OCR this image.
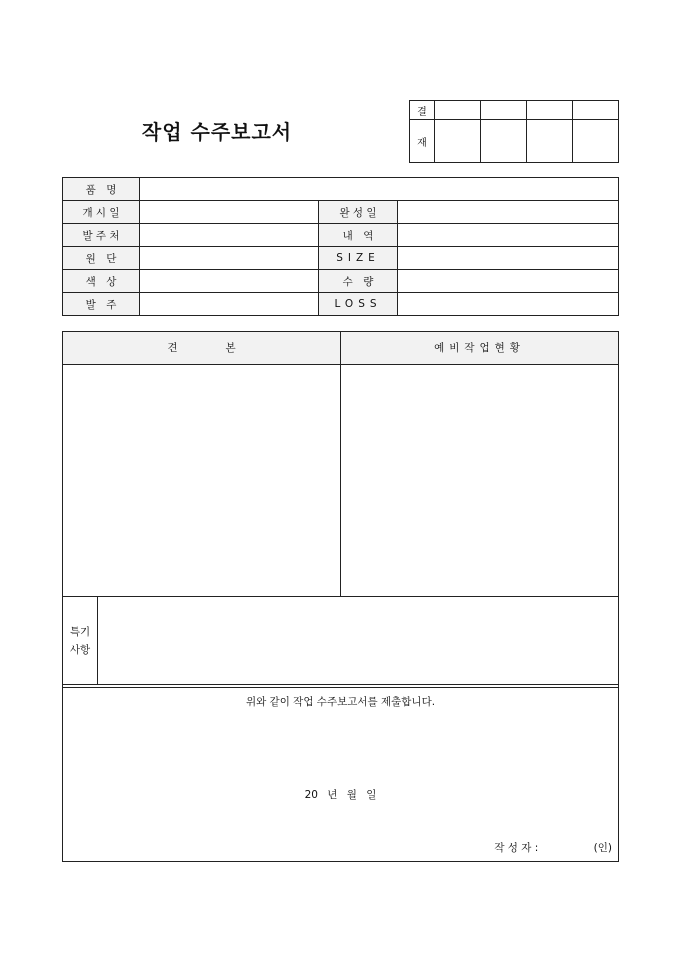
작업 수주보고서
결				
재				
품　명			
개 시 일		완 성 일	
발 주 처		내　역	
원　단		SIZE	
색　상		수　량	
발　주		LOSS	
견본	예비작업현황
특기
사항
위와 같이 작업 수주보고서를 제출합니다.
20 년 월 일
작 성 자 :	(인)
